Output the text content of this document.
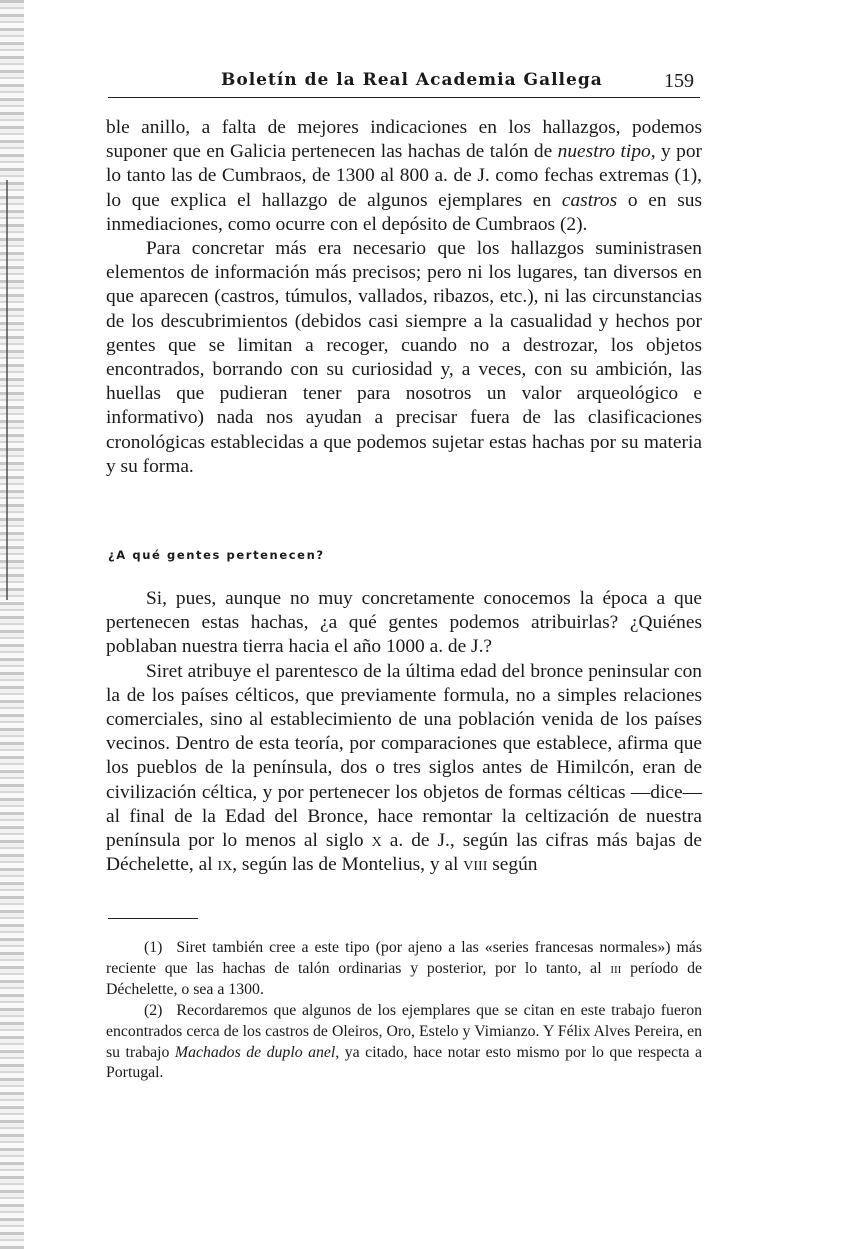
Boletín de la Real Academia Gallega	159

ble anillo, a falta de mejores indicaciones en los hallazgos, podemos suponer que en Galicia pertenecen las hachas de talón de nuestro tipo, y por lo tanto las de Cumbraos, de 1300 al 800 a. de J. como fechas extremas (1), lo que explica el hallazgo de algunos ejemplares en castros o en sus inmediaciones, como ocurre con el depósito de Cumbraos (2).

Para concretar más era necesario que los hallazgos suministrasen elementos de información más precisos; pero ni los lugares, tan diversos en que aparecen (castros, túmulos, vallados, ribazos, etc.), ni las circunstancias de los descubrimientos (debidos casi siempre a la casualidad y hechos por gentes que se limitan a recoger, cuando no a destrozar, los objetos encontrados, borrando con su curiosidad y, a veces, con su ambición, las huellas que pudieran tener para nosotros un valor arqueológico e informativo) nada nos ayudan a precisar fuera de las clasificaciones cronológicas establecidas a que podemos sujetar estas hachas por su materia y su forma.

¿A qué gentes pertenecen?

Si, pues, aunque no muy concretamente conocemos la época a que pertenecen estas hachas, ¿a qué gentes podemos atribuirlas? ¿Quiénes poblaban nuestra tierra hacia el año 1000 a. de J.?

Siret atribuye el parentesco de la última edad del bronce peninsular con la de los países célticos, que previamente formula, no a simples relaciones comerciales, sino al establecimiento de una población venida de los países vecinos. Dentro de esta teoría, por comparaciones que establece, afirma que los pueblos de la península, dos o tres siglos antes de Himilcón, eran de civilización céltica, y por pertenecer los objetos de formas célticas —dice— al final de la Edad del Bronce, hace remontar la celtización de nuestra península por lo menos al siglo x a. de J., según las cifras más bajas de Déchelette, al ix, según las de Montelius, y al viii según

(1) Siret también cree a este tipo (por ajeno a las «series francesas normales») más reciente que las hachas de talón ordinarias y posterior, por lo tanto, al iii período de Déchelette, o sea a 1300.

(2) Recordaremos que algunos de los ejemplares que se citan en este trabajo fueron encontrados cerca de los castros de Oleiros, Oro, Estelo y Vimianzo. Y Félix Alves Pereira, en su trabajo Machados de duplo anel, ya citado, hace notar esto mismo por lo que respecta a Portugal.
